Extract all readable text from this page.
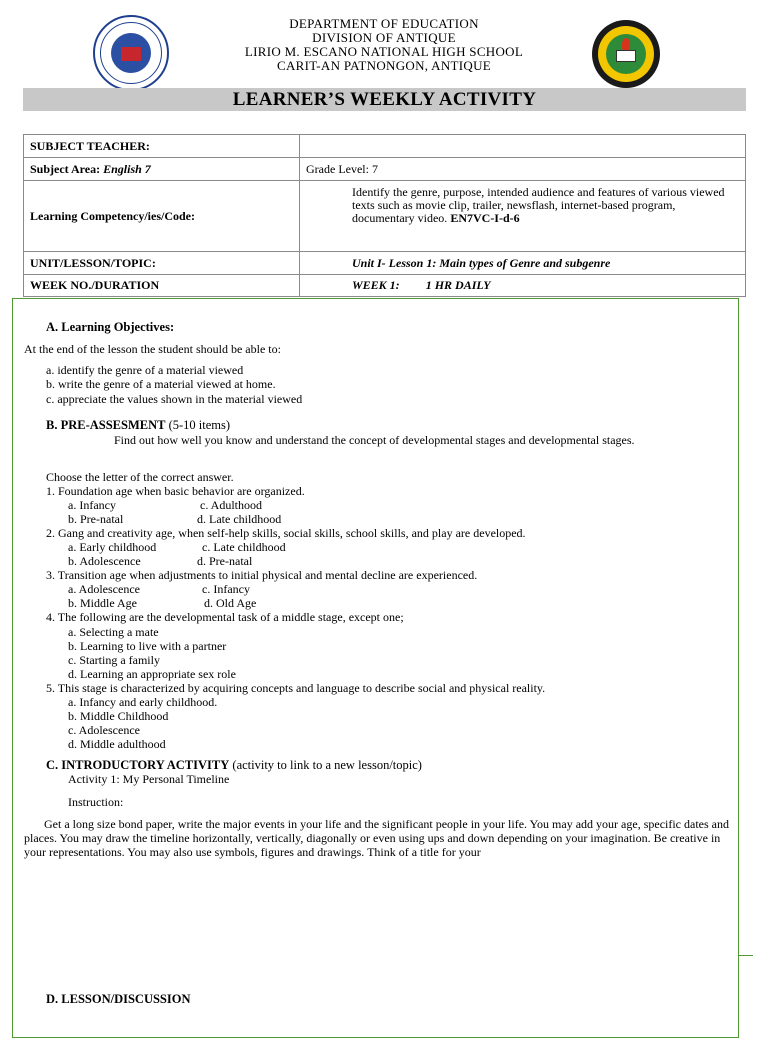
DEPARTMENT OF EDUCATION
DIVISION OF ANTIQUE
LIRIO M. ESCANO NATIONAL HIGH SCHOOL
CARIT-AN PATNONGON, ANTIQUE
LEARNER’S WEEKLY ACTIVITY
SUBJECT TEACHER:	
Subject Area: English 7	Grade Level: 7
Learning Competency/ies/Code:	Identify the genre, purpose, intended audience and features of various viewed texts such as movie clip, trailer, newsflash, internet-based program, documentary video. EN7VC-I-d-6
UNIT/LESSON/TOPIC:	Unit I- Lesson 1: Main types of Genre and subgenre
WEEK NO./DURATION	WEEK 1: 1 HR DAILY
A. Learning Objectives:
At the end of the lesson the student should be able to:
a. identify the genre of a material viewed
b. write the genre of a material viewed at home.
c. appreciate the values shown in the material viewed
B. PRE-ASSESMENT (5-10 items)
Find out how well you know and understand the concept of developmental stages and developmental stages.
Choose the letter of the correct answer.
1. Foundation age when basic behavior are organized.
a. Infancy	c. Adulthood
b. Pre-natal	d. Late childhood
2. Gang and creativity age, when self-help skills, social skills, school skills, and play are developed.
a. Early childhood	c. Late childhood
b. Adolescence	d. Pre-natal
3. Transition age when adjustments to initial physical and mental decline are experienced.
a. Adolescence	c. Infancy
b. Middle Age	d. Old Age
4. The following are the developmental task of a middle stage, except one;
a. Selecting a mate
b. Learning to live with a partner
c. Starting a family
d. Learning an appropriate sex role
5. This stage is characterized by acquiring concepts and language to describe social and physical reality.
a. Infancy and early childhood.
b. Middle Childhood
c. Adolescence
d. Middle adulthood
C. INTRODUCTORY ACTIVITY (activity to link to a new lesson/topic)
Activity 1: My Personal Timeline
Instruction:
Get a long size bond paper, write the major events in your life and the significant people in your life. You may add your age, specific dates and places. You may draw the timeline horizontally, vertically, diagonally or even using ups and down depending on your imagination. Be creative in your representations. You may also use symbols, figures and drawings. Think of a title for your
D. LESSON/DISCUSSION
